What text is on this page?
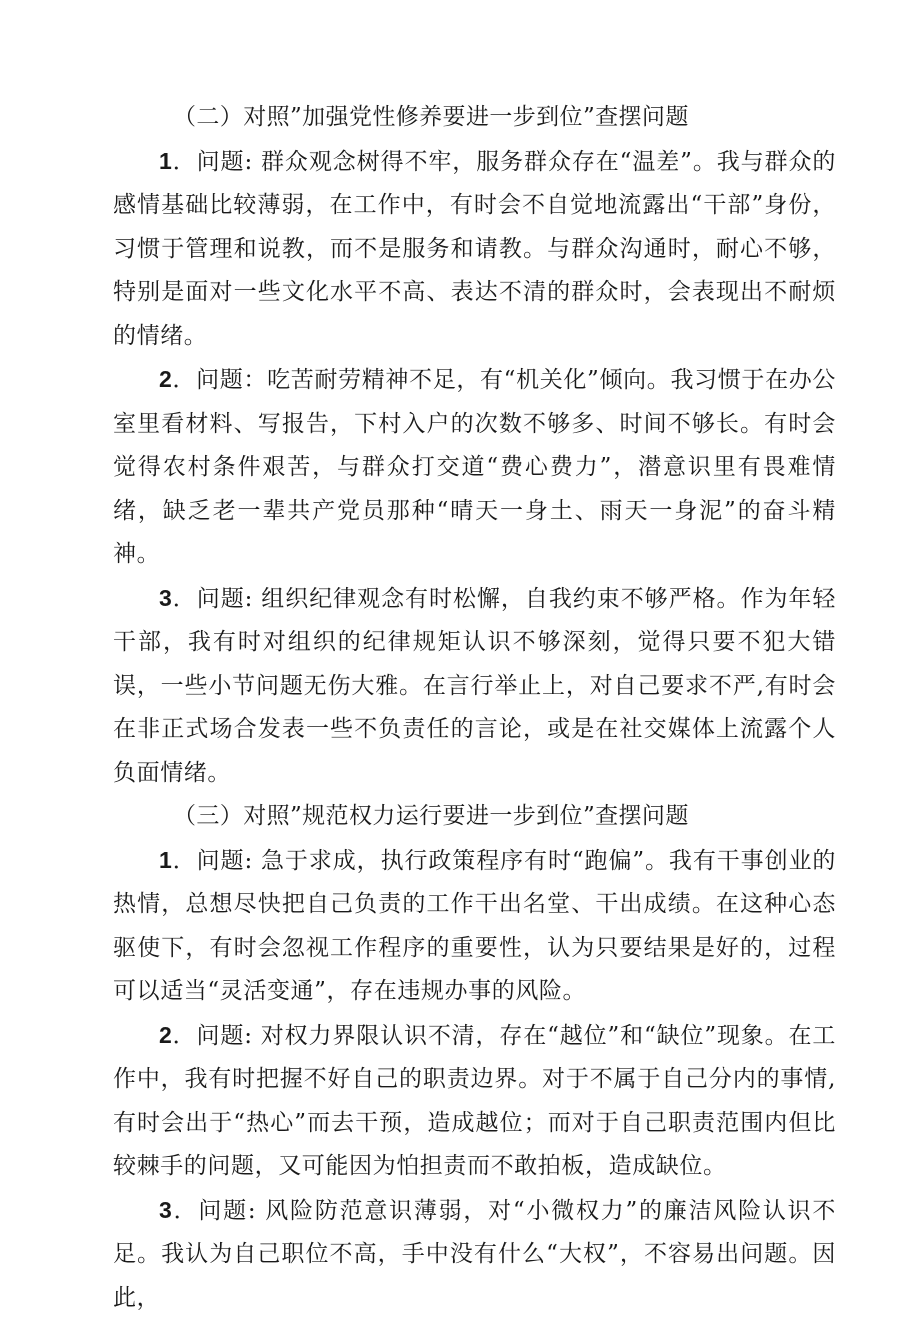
（二）对照”加强党性修养要进一步到位”查摆问题

1．问题: 群众观念树得不牢，服务群众存在“温差”。我与群众的感情基础比较薄弱，在工作中，有时会不自觉地流露出“干部”身份，习惯于管理和说教，而不是服务和请教。与群众沟通时，耐心不够，特别是面对一些文化水平不高、表达不清的群众时，会表现出不耐烦的情绪。

2．问题：吃苦耐劳精神不足，有“机关化”倾向。我习惯于在办公室里看材料、写报告，下村入户的次数不够多、时间不够长。有时会觉得农村条件艰苦，与群众打交道“费心费力”，潜意识里有畏难情绪，缺乏老一辈共产党员那种“晴天一身土、雨天一身泥”的奋斗精神。

3．问题: 组织纪律观念有时松懈，自我约束不够严格。作为年轻干部，我有时对组织的纪律规矩认识不够深刻，觉得只要不犯大错误，一些小节问题无伤大雅。在言行举止上，对自己要求不严,有时会在非正式场合发表一些不负责任的言论，或是在社交媒体上流露个人负面情绪。

（三）对照”规范权力运行要进一步到位”查摆问题

1．问题: 急于求成，执行政策程序有时“跑偏”。我有干事创业的热情，总想尽快把自己负责的工作干出名堂、干出成绩。在这种心态驱使下，有时会忽视工作程序的重要性，认为只要结果是好的，过程可以适当“灵活变通”，存在违规办事的风险。

2．问题: 对权力界限认识不清，存在“越位”和“缺位”现象。在工作中，我有时把握不好自己的职责边界。对于不属于自己分内的事情,有时会出于“热心”而去干预，造成越位；而对于自己职责范围内但比较棘手的问题，又可能因为怕担责而不敢拍板，造成缺位。

3．问题: 风险防范意识薄弱，对“小微权力”的廉洁风险认识不足。我认为自己职位不高，手中没有什么“大权”，不容易出问题。因此，
